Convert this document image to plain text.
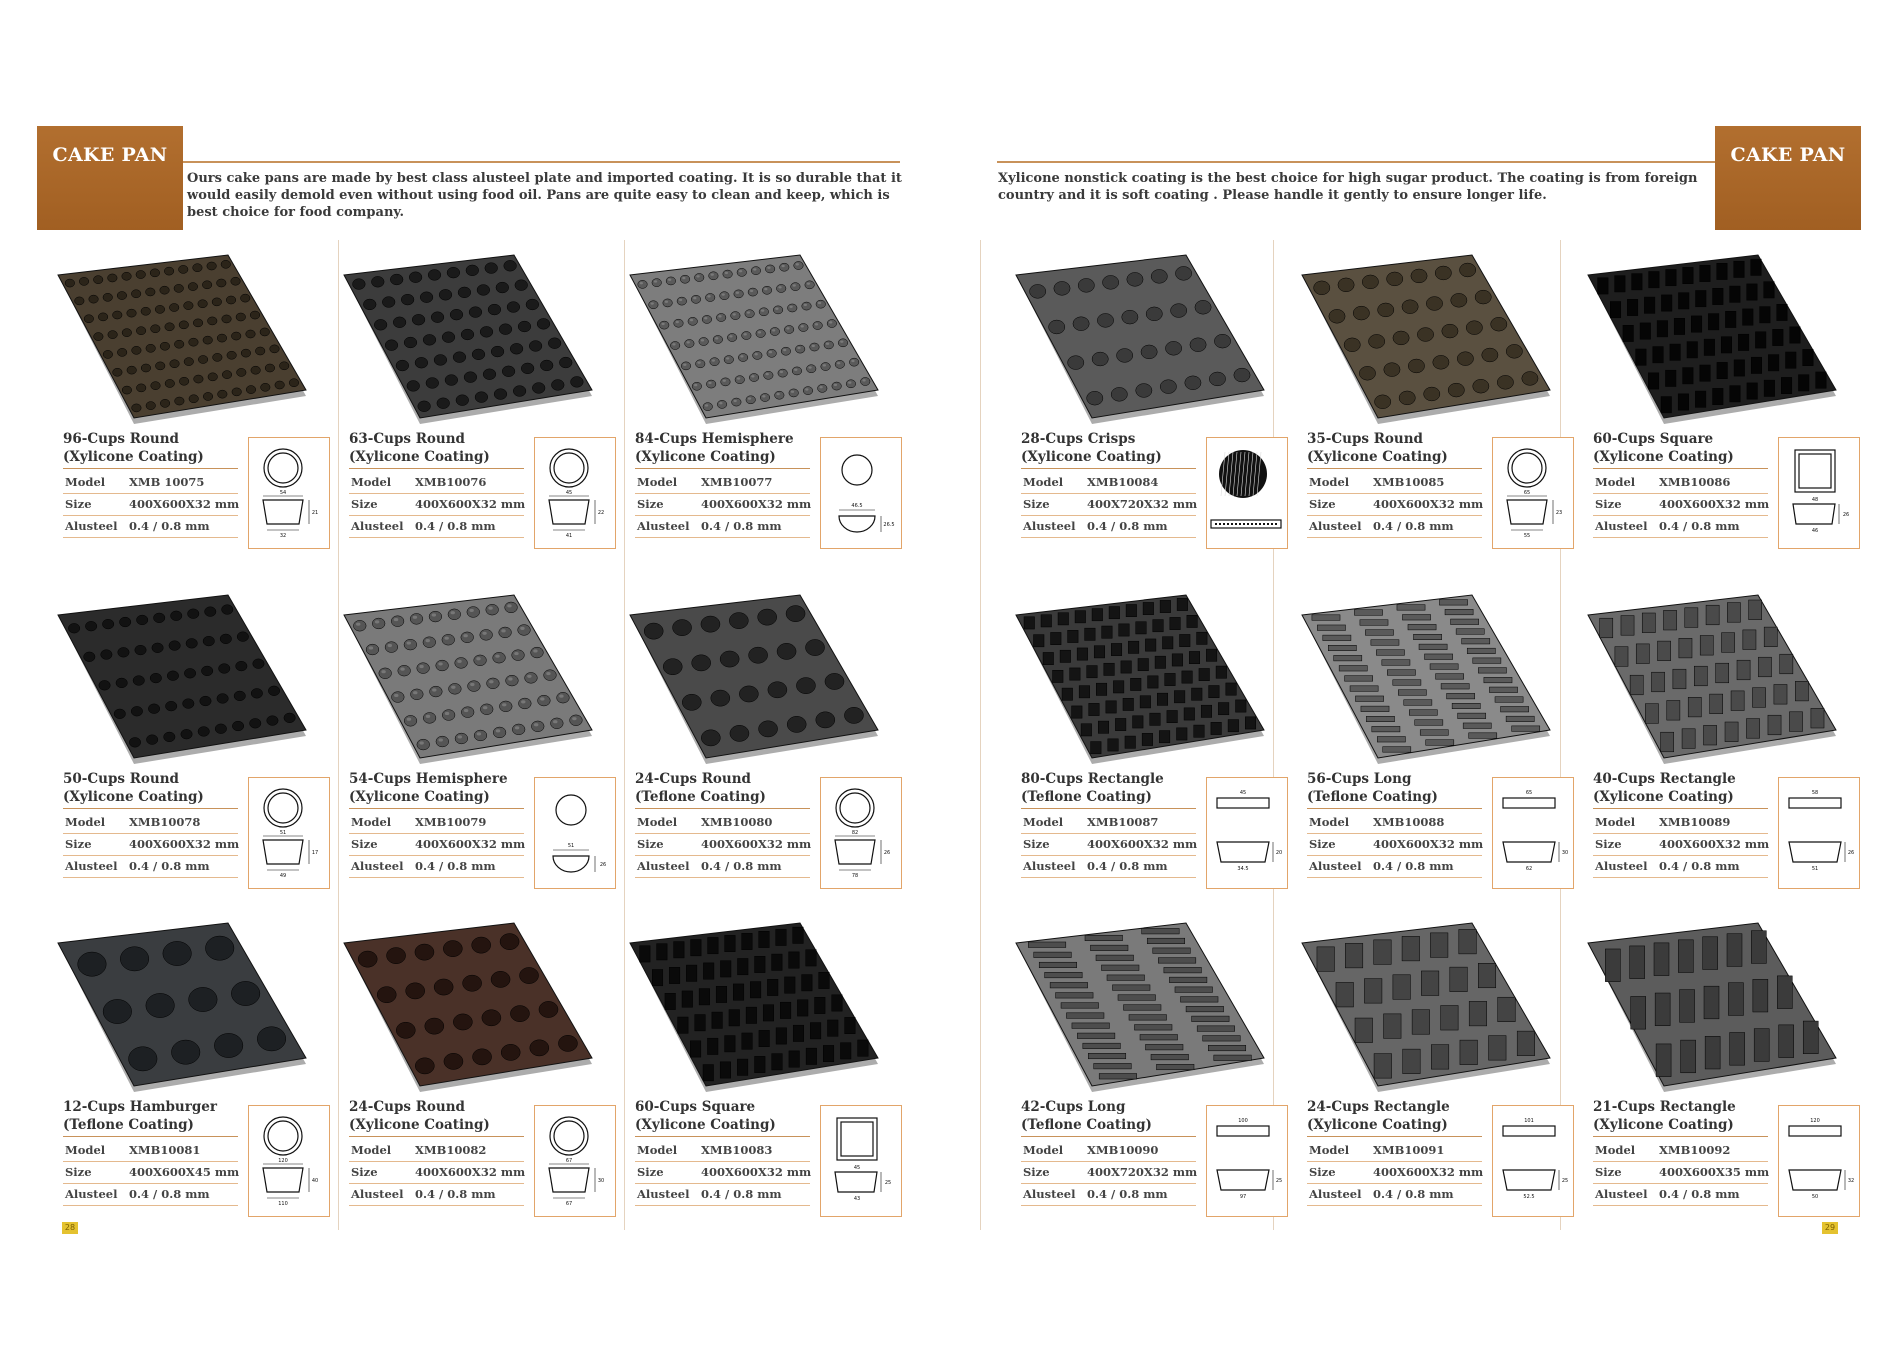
CAKE PAN
Ours cake pans are made by best class alusteel plate and imported coating. It is so durable that it would easily demold even without using food oil. Pans are quite easy to clean and keep, which is best choice for food company.
CAKE PAN
Xylicone nonstick coating is the best choice for high sugar product. The coating is from foreign country and it is soft coating . Please handle it gently to ensure longer life.
96-Cups Round
(Xylicone Coating)
Model XMB 10075
Size	400X600X32 mm
Alusteel 0.4 / 0.8 mm
54
32
21
63-Cups Round
(Xylicone Coating)
Model XMB10076
Size	400X600X32 mm
Alusteel 0.4 / 0.8 mm
45
41
22
84-Cups Hemisphere
(Xylicone Coating)
Model XMB10077
Size	400X600X32 mm
Alusteel 0.4 / 0.8 mm
46.5
26.5
50-Cups Round
(Xylicone Coating)
Model XMB10078
Size	400X600X32 mm
Alusteel 0.4 / 0.8 mm
51
49
17
54-Cups Hemisphere
(Xylicone Coating)
Model XMB10079
Size	400X600X32 mm
Alusteel 0.4 / 0.8 mm
51
26
24-Cups Round
(Teflone Coating)
Model XMB10080
Size	400X600X32 mm
Alusteel 0.4 / 0.8 mm
82
78
26
12-Cups Hamburger
(Teflone Coating)
Model XMB10081
Size	400X600X45 mm
Alusteel 0.4 / 0.8 mm
120
110
40
24-Cups Round
(Xylicone Coating)
Model XMB10082
Size	400X600X32 mm
Alusteel 0.4 / 0.8 mm
67
67
30
60-Cups Square
(Xylicone Coating)
Model XMB10083
Size	400X600X32 mm
Alusteel 0.4 / 0.8 mm
45
43
25
28-Cups Crisps
(Xylicone Coating)
Model XMB10084
Size	400X720X32 mm
Alusteel 0.4 / 0.8 mm
35-Cups Round
(Xylicone Coating)
Model XMB10085
Size	400X600X32 mm
Alusteel 0.4 / 0.8 mm
65
55
23
60-Cups Square
(Xylicone Coating)
Model XMB10086
Size	400X600X32 mm
Alusteel 0.4 / 0.8 mm
48
46
26
80-Cups Rectangle
(Teflone Coating)
Model XMB10087
Size	400X600X32 mm
Alusteel 0.4 / 0.8 mm
45
34.5
20
56-Cups Long
(Teflone Coating)
Model XMB10088
Size	400X600X32 mm
Alusteel 0.4 / 0.8 mm
65
62
30
40-Cups Rectangle
(Xylicone Coating)
Model XMB10089
Size	400X600X32 mm
Alusteel 0.4 / 0.8 mm
58
51
26
42-Cups Long
(Teflone Coating)
Model XMB10090
Size	400X720X32 mm
Alusteel 0.4 / 0.8 mm
100
97
25
24-Cups Rectangle
(Xylicone Coating)
Model XMB10091
Size	400X600X32 mm
Alusteel 0.4 / 0.8 mm
101
52.5
25
21-Cups Rectangle
(Xylicone Coating)
Model XMB10092
Size	400X600X35 mm
Alusteel 0.4 / 0.8 mm
120
50
32
28	29
